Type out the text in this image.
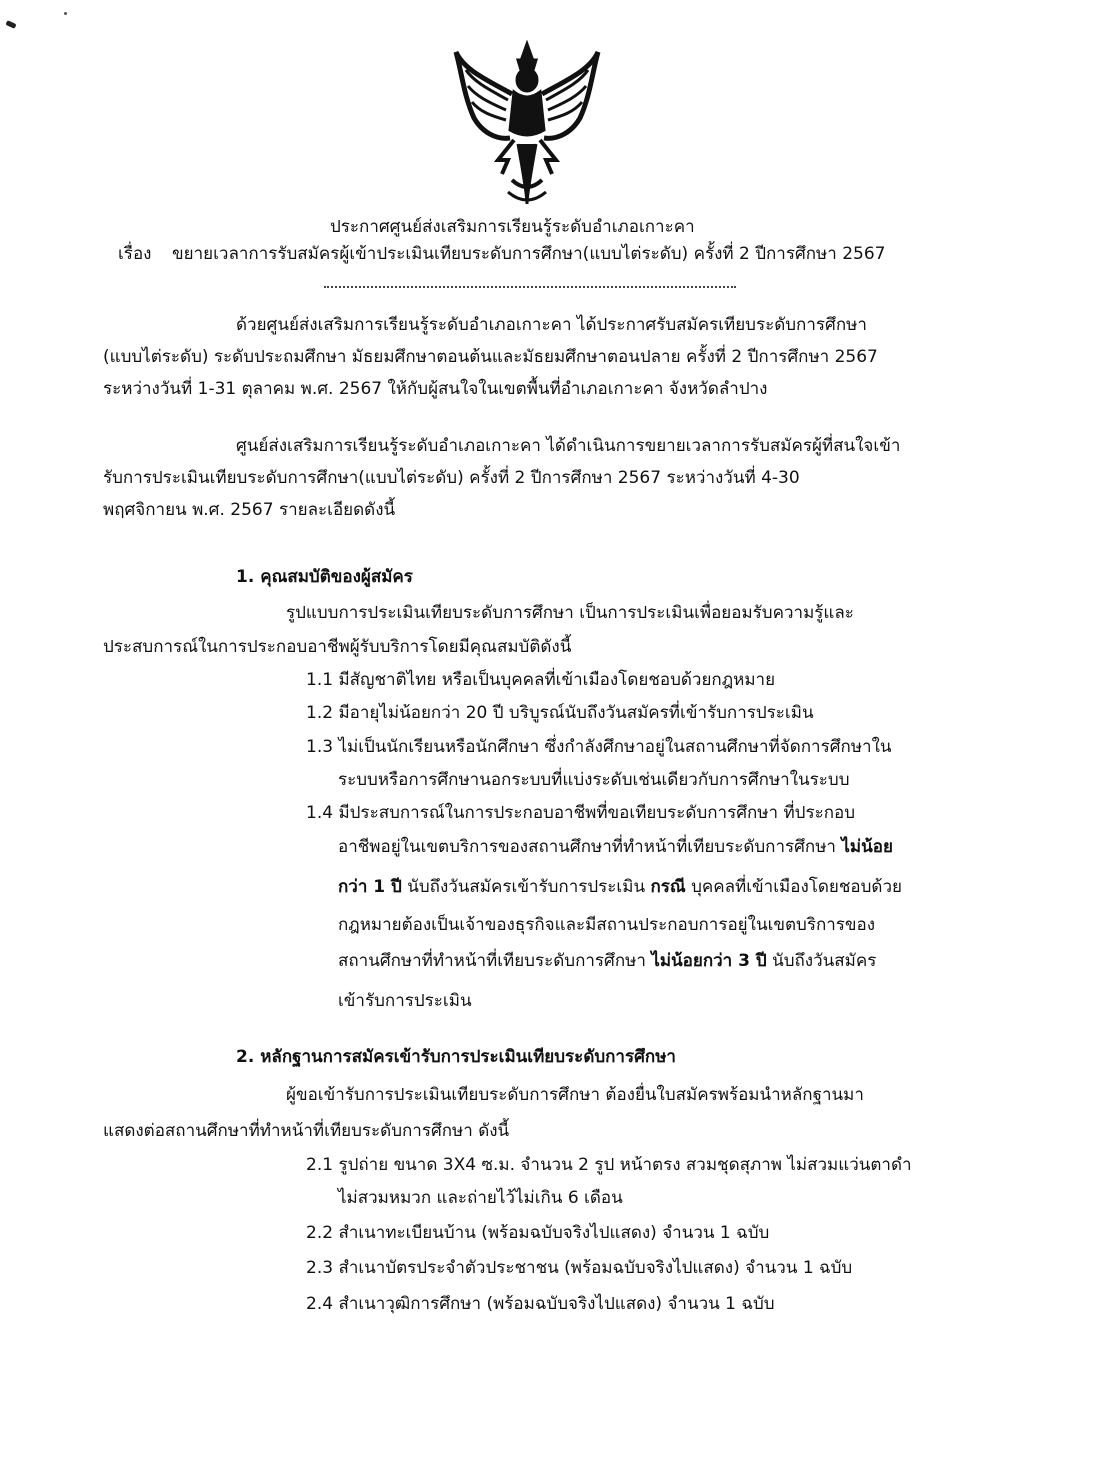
ประกาศศูนย์ส่งเสริมการเรียนรู้ระดับอำเภอเกาะคา
เรื่อง ขยายเวลาการรับสมัครผู้เข้าประเมินเทียบระดับการศึกษา(แบบไต่ระดับ) ครั้งที่ 2 ปีการศึกษา 2567
ด้วยศูนย์ส่งเสริมการเรียนรู้ระดับอำเภอเกาะคา ได้ประกาศรับสมัครเทียบระดับการศึกษา
(แบบไต่ระดับ) ระดับประถมศึกษา มัธยมศึกษาตอนต้นและมัธยมศึกษาตอนปลาย ครั้งที่ 2 ปีการศึกษา 2567
ระหว่างวันที่ 1-31 ตุลาคม พ.ศ. 2567 ให้กับผู้สนใจในเขตพื้นที่อำเภอเกาะคา จังหวัดลำปาง
ศูนย์ส่งเสริมการเรียนรู้ระดับอำเภอเกาะคา ได้ดำเนินการขยายเวลาการรับสมัครผู้ที่สนใจเข้า
รับการประเมินเทียบระดับการศึกษา(แบบไต่ระดับ) ครั้งที่ 2 ปีการศึกษา 2567 ระหว่างวันที่ 4-30
พฤศจิกายน พ.ศ. 2567 รายละเอียดดังนี้
1. คุณสมบัติของผู้สมัคร
รูปแบบการประเมินเทียบระดับการศึกษา เป็นการประเมินเพื่อยอมรับความรู้และ
ประสบการณ์ในการประกอบอาชีพผู้รับบริการโดยมีคุณสมบัติดังนี้
1.1 มีสัญชาติไทย หรือเป็นบุคคลที่เข้าเมืองโดยชอบด้วยกฎหมาย
1.2 มีอายุไม่น้อยกว่า 20 ปี บริบูรณ์นับถึงวันสมัครที่เข้ารับการประเมิน
1.3 ไม่เป็นนักเรียนหรือนักศึกษา ซึ่งกำลังศึกษาอยู่ในสถานศึกษาที่จัดการศึกษาใน
ระบบหรือการศึกษานอกระบบที่แบ่งระดับเช่นเดียวกับการศึกษาในระบบ
1.4 มีประสบการณ์ในการประกอบอาชีพที่ขอเทียบระดับการศึกษา ที่ประกอบ
อาชีพอยู่ในเขตบริการของสถานศึกษาที่ทำหน้าที่เทียบระดับการศึกษา ไม่น้อย
กว่า 1 ปี นับถึงวันสมัครเข้ารับการประเมิน กรณี บุคคลที่เข้าเมืองโดยชอบด้วย
กฎหมายต้องเป็นเจ้าของธุรกิจและมีสถานประกอบการอยู่ในเขตบริการของ
สถานศึกษาที่ทำหน้าที่เทียบระดับการศึกษา ไม่น้อยกว่า 3 ปี นับถึงวันสมัคร
เข้ารับการประเมิน
2. หลักฐานการสมัครเข้ารับการประเมินเทียบระดับการศึกษา
ผู้ขอเข้ารับการประเมินเทียบระดับการศึกษา ต้องยื่นใบสมัครพร้อมนำหลักฐานมา
แสดงต่อสถานศึกษาที่ทำหน้าที่เทียบระดับการศึกษา ดังนี้
2.1 รูปถ่าย ขนาด 3X4 ซ.ม. จำนวน 2 รูป หน้าตรง สวมชุดสุภาพ ไม่สวมแว่นตาดำ
ไม่สวมหมวก และถ่ายไว้ไม่เกิน 6 เดือน
2.2 สำเนาทะเบียนบ้าน (พร้อมฉบับจริงไปแสดง) จำนวน 1 ฉบับ
2.3 สำเนาบัตรประจำตัวประชาชน (พร้อมฉบับจริงไปแสดง) จำนวน 1 ฉบับ
2.4 สำเนาวุฒิการศึกษา (พร้อมฉบับจริงไปแสดง) จำนวน 1 ฉบับ
